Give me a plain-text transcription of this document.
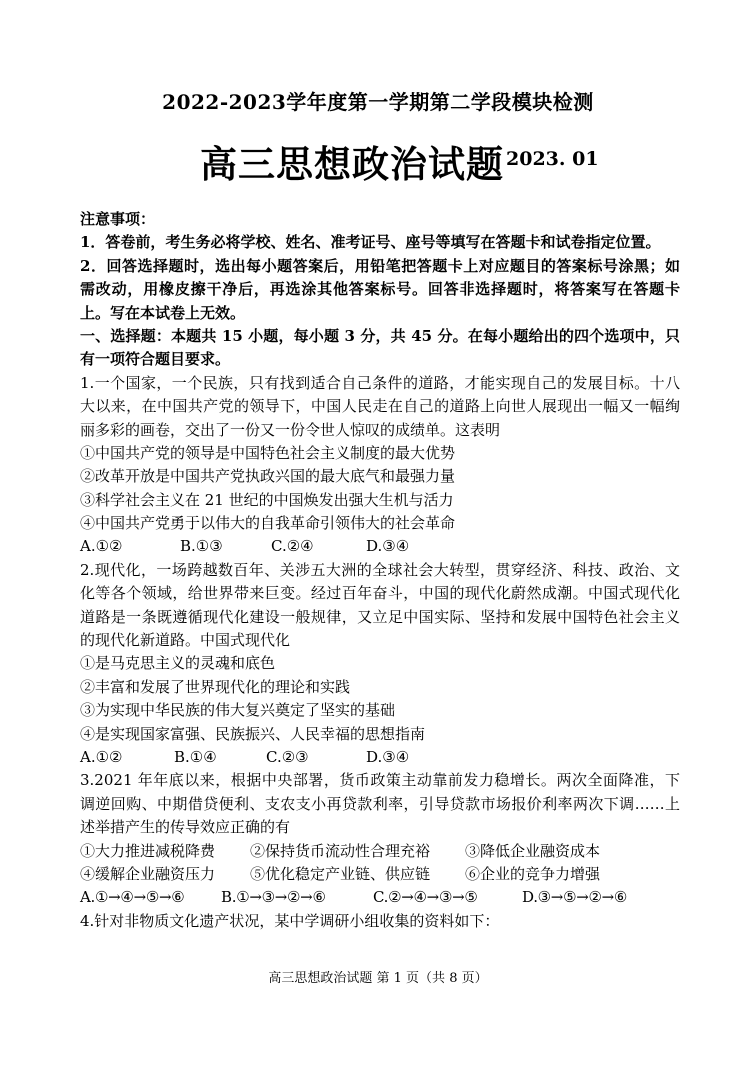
2022-2023学年度第一学期第二学段模块检测
高三思想政治试题 2023. 01
注意事项：
1．答卷前，考生务必将学校、姓名、准考证号、座号等填写在答题卡和试卷指定位置。
2．回答选择题时，选出每小题答案后，用铅笔把答题卡上对应题目的答案标号涂黑；如
需改动，用橡皮擦干净后，再选涂其他答案标号。回答非选择题时，将答案写在答题卡
上。写在本试卷上无效。
一、选择题：本题共 15 小题，每小题 3 分，共 45 分。在每小题给出的四个选项中，只
有一项符合题目要求。
1.一个国家，一个民族，只有找到适合自己条件的道路，才能实现自己的发展目标。十八
大以来，在中国共产党的领导下，中国人民走在自己的道路上向世人展现出一幅又一幅绚
丽多彩的画卷，交出了一份又一份令世人惊叹的成绩单。这表明
①中国共产党的领导是中国特色社会主义制度的最大优势
②改革开放是中国共产党执政兴国的最大底气和最强力量
③科学社会主义在 21 世纪的中国焕发出强大生机与活力
④中国共产党勇于以伟大的自我革命引领伟大的社会革命
A.①②	B.①③	C.②④	D.③④
2.现代化，一场跨越数百年、关涉五大洲的全球社会大转型，贯穿经济、科技、政治、文
化等各个领域，给世界带来巨变。经过百年奋斗，中国的现代化蔚然成潮。中国式现代化
道路是一条既遵循现代化建设一般规律，又立足中国实际、坚持和发展中国特色社会主义
的现代化新道路。中国式现代化
①是马克思主义的灵魂和底色
②丰富和发展了世界现代化的理论和实践
③为实现中华民族的伟大复兴奠定了坚实的基础
④是实现国家富强、民族振兴、人民幸福的思想指南
A.①②	B.①④	C.②③	D.③④
3.2021 年年底以来，根据中央部署，货币政策主动靠前发力稳增长。两次全面降准，下
调逆回购、中期借贷便利、支农支小再贷款利率，引导贷款市场报价利率两次下调……上
述举措产生的传导效应正确的有
①大力推进减税降费 ②保持货币流动性合理充裕 ③降低企业融资成本
④缓解企业融资压力 ⑤优化稳定产业链、供应链 ⑥企业的竞争力增强
A.①→④→⑤→⑥ B.①→③→②→⑥	C.②→④→③→⑤	D.③→⑤→②→⑥
4.针对非物质文化遗产状况，某中学调研小组收集的资料如下：
高三思想政治试题 第 1 页（共 8 页）
